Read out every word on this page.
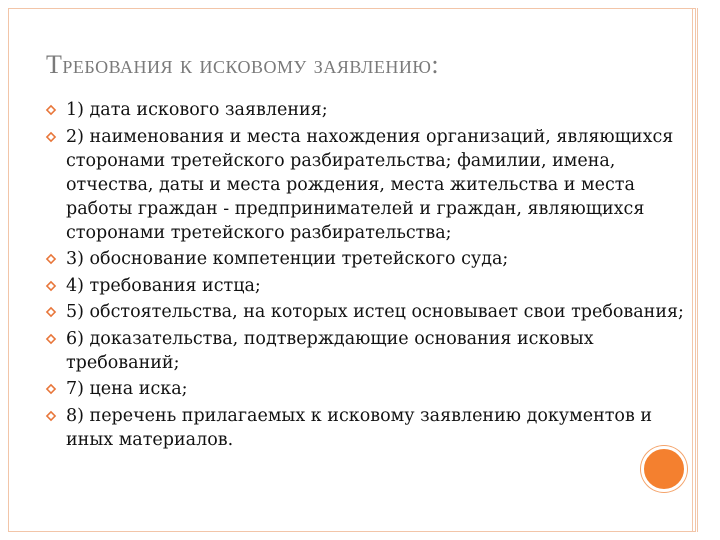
Требования к исковому заявлению:
1) дата искового заявления;
2) наименования и места нахождения организаций, являющихся сторонами третейского разбирательства; фамилии, имена, отчества, даты и места рождения, места жительства и места работы граждан - предпринимателей и граждан, являющихся сторонами третейского разбирательства;
3) обоснование компетенции третейского суда;
4) требования истца;
5) обстоятельства, на которых истец основывает свои требования;
6) доказательства, подтверждающие основания исковых требований;
7) цена иска;
8) перечень прилагаемых к исковому заявлению документов и иных материалов.
